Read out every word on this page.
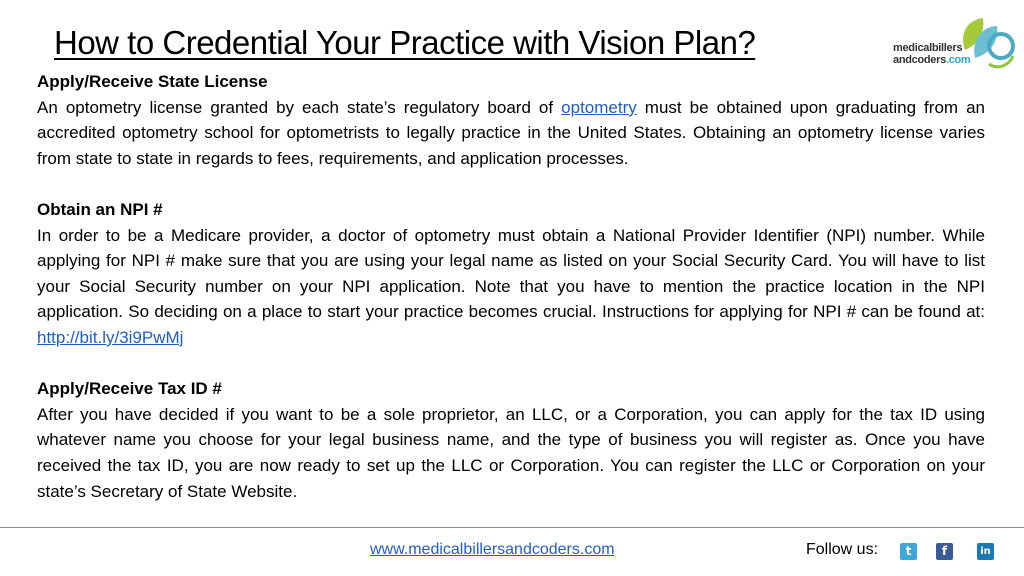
How to Credential Your Practice with Vision Plan?	medicalbillers
andcoders.com
Apply/Receive State License
An optometry license granted by each state’s regulatory board of optometry must be obtained upon graduating from an accredited optometry school for optometrists to legally practice in the United States. Obtaining an optometry license varies from state to state in regards to fees, requirements, and application processes.
Obtain an NPI #
In order to be a Medicare provider, a doctor of optometry must obtain a National Provider Identifier (NPI) number. While applying for NPI # make sure that you are using your legal name as listed on your Social Security Card. You will have to list your Social Security number on your NPI application. Note that you have to mention the practice location in the NPI application. So deciding on a place to start your practice becomes crucial. Instructions for applying for NPI # can be found at: http://bit.ly/3i9PwMj
Apply/Receive Tax ID #
After you have decided if you want to be a sole proprietor, an LLC, or a Corporation, you can apply for the tax ID using whatever name you choose for your legal business name, and the type of business you will register as. Once you have received the tax ID, you are now ready to set up the LLC or Corporation. You can register the LLC or Corporation on your state’s Secretary of State Website.
www.medicalbillersandcoders.com	Follow us:	t	f	in
